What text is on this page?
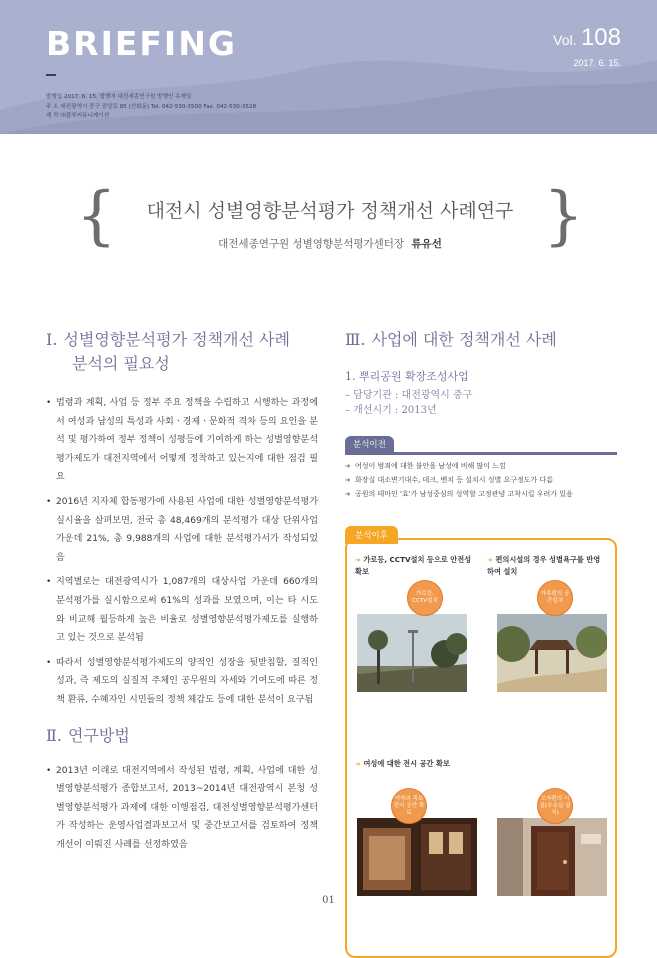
BRIEFING	Vol. 108
2017. 6. 15.
발행일 2017. 6. 15. 발행처 대전세종연구원 발행인 유재일
주 소 대전광역시 중구 중앙로 85 (선화동) Tel. 042-530-3500 Fax. 042-530-3528
제 작 ㈜블루커뮤니케이션
{	}
대전시 성별영향분석평가 정책개선 사례연구
대전세종연구원 성별영향분석평가센터장 류유선
Ⅰ. 성별영향분석평가 정책개선 사례
분석의 필요성
• 법령과 계획, 사업 등 정부 주요 정책을 수립하고 시행하는 과정에서 여성과 남성의 특성과 사회ㆍ경제ㆍ문화적 격차 등의 요인을 분석 및 평가하여 정부 정책이 성평등에 기여하게 하는 성별영향분석평가제도가 대전지역에서 어떻게 정착하고 있는지에 대한 점검 필요
• 2016년 지자체 합동평가에 사용된 사업에 대한 성별영향분석평가 실시율을 살펴보면, 전국 총 48,469개의 분석평가 대상 단위사업 가운데 21%, 총 9,988개의 사업에 대한 분석평가서가 작성되었음
• 지역별로는 대전광역시가 1,087개의 대상사업 가운데 660개의 분석평가를 실시함으로써 61%의 성과를 보였으며, 이는 타 시도와 비교해 월등하게 높은 비율로 성별영향분석평가제도를 실행하고 있는 것으로 분석됨
• 따라서 성별영향분석평가제도의 양적인 성장을 뒷받침할, 질적인 성과, 즉 제도의 실질적 주체인 공무원의 자세와 기여도에 따른 정책 환류, 수혜자인 시민들의 정책 체감도 등에 대한 분석이 요구됨
Ⅱ. 연구방법
• 2013년 이래로 대전지역에서 작성된 법령, 계획, 사업에 대한 성별영향분석평가 종합보고서, 2013~2014년 대전광역시 본청 성별영향분석평가 과제에 대한 이행점검, 대전성별영향분석평가센터가 작성하는 운영사업결과보고서 및 중간보고서를 검토하여 정책개선이 이뤄진 사례를 선정하였음
Ⅲ. 사업에 대한 정책개선 사례
1. 뿌리공원 확장조성사업
– 담당기관 : 대전광역시 중구
– 개선시기 : 2013년
분석이전
➜ 여성이 범죄에 대한 불안을 남성에 비해 많이 느낌
➜ 화장실 대소변기대수, 데크, 벤치 등 설치시 성별 요구정도가 다름
➜ 공원의 테마인 '효'가 남성중심의 성역할 고정관념 고착시킬 우려가 있음
분석이후
➜ 가로등, CCTV설치 등으로 안전성 확보
➜ 편의시설의 경우 성별욕구를 반영하여 설치
가로등, CCTV설치
가족편의 공간설치
➜ 여성에 대한 전시 공간 확보
여자의 족보 전시 공간 확보
모자편의 시설(수유실 설치)
01
